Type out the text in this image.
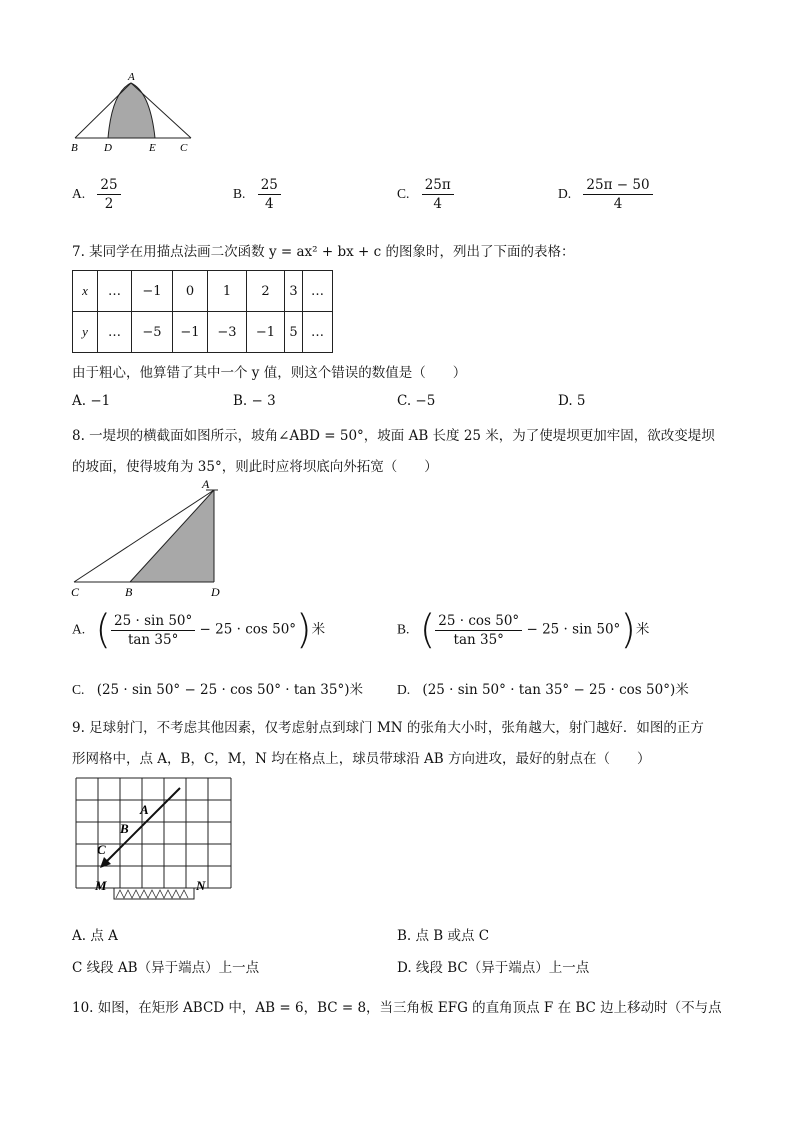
A
B D	E C
A. $\frac{25}{2}$	B. $\frac{25}{4}$	C. $\frac{25\pi}{4}$	D. $\frac{25\pi - 50}{4}$
7. 某同学在用描点法画二次函数 y = ax² + bx + c 的图象时，列出了下面的表格：
x	…	−1	0	1	2	3	…
y	…	−5	−1	−3	−1	5	…
由于粗心，他算错了其中一个 y 值，则这个错误的数值是（　　）
A. −1	B. − 3	C. −5	D. 5
8. 一堤坝的横截面如图所示，坡角∠ABD = 50°，坡面 AB 长度 25 米，为了使堤坝更加牢固，欲改变堤坝
的坡面，使得坡角为 35°，则此时应将坝底向外拓宽（　　）
A
C	B	D
A. ( $\frac{25 \cdot \sin 50^\circ}{\tan 35^\circ} - 25 \cdot \cos 50^\circ$)米	B. ( $\frac{25 \cdot \cos 50^\circ}{\tan 35^\circ} - 25 \cdot \sin 50^\circ$)米
C. (25 · sin 50° − 25 · cos 50° · tan 35°)米	D. (25 · sin 50° · tan 35° − 25 · cos 50°)米
9. 足球射门，不考虑其他因素，仅考虑射点到球门 MN 的张角大小时，张角越大，射门越好．如图的正方
形网格中，点 A，B，C，M，N 均在格点上，球员带球沿 AB 方向进攻，最好的射点在（　　）
A
B
C
M	N
A. 点 A	B. 点 B 或点 C
C 线段 AB（异于端点）上一点	D. 线段 BC（异于端点）上一点
10. 如图，在矩形 ABCD 中，AB = 6，BC = 8，当三角板 EFG 的直角顶点 F 在 BC 边上移动时（不与点
